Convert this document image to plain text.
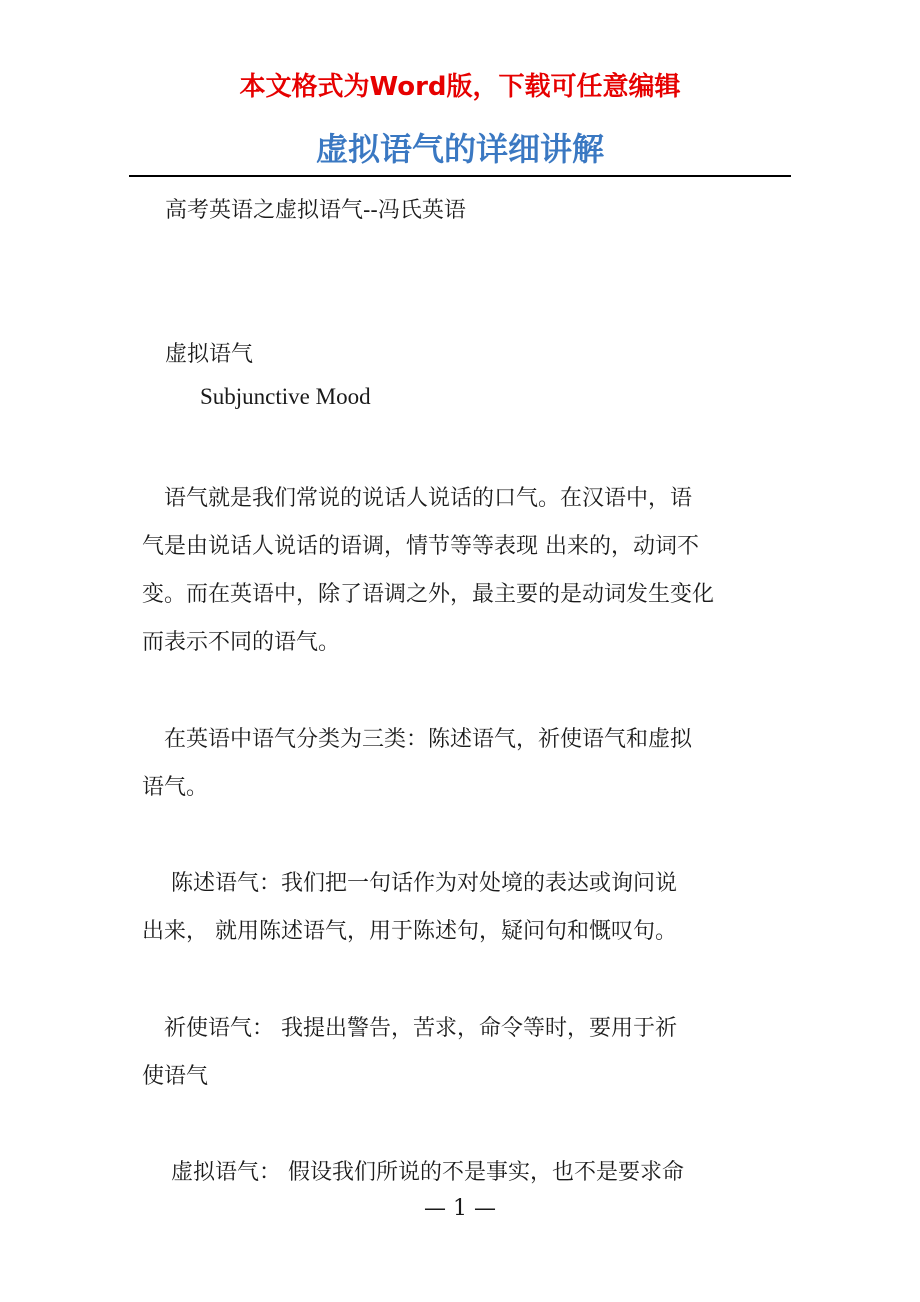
本文格式为Word版，下载可任意编辑
虚拟语气的详细讲解
高考英语之虚拟语气--冯氏英语
虚拟语气
Subjunctive Mood
　语气就是我们常说的说话人说话的口气。在汉语中，语
气是由说话人说话的语调，情节等等表现 出来的，动词不
变。而在英语中，除了语调之外，最主要的是动词发生变化
而表示不同的语气。
　在英语中语气分类为三类：陈述语气，祈使语气和虚拟
语气。
　 陈述语气：我们把一句话作为对处境的表达或询问说
出来， 就用陈述语气，用于陈述句，疑问句和慨叹句。
　祈使语气： 我提出警告，苦求，命令等时，要用于祈
使语气
　 虚拟语气： 假设我们所说的不是事实，也不是要求命
— 1 —
